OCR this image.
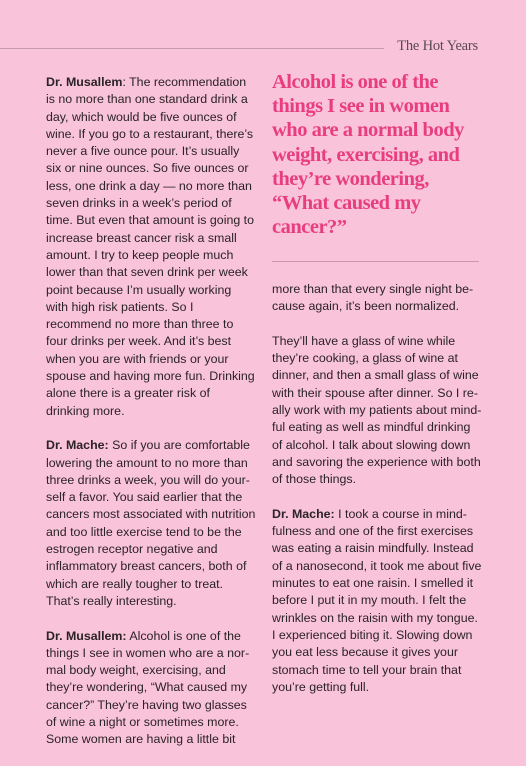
The Hot Years

Dr. Musallem: The recommendation is no more than one standard drink a day, which would be five ounces of wine. If you go to a restaurant, there’s never a five ounce pour. It’s usually six or nine ounces. So five ounces or less, one drink a day — no more than seven drinks in a week’s period of time. But even that amount is going to increase breast cancer risk a small amount. I try to keep people much lower than that seven drink per week point because I’m usually working with high risk patients. So I recommend no more than three to four drinks per week. And it’s best when you are with friends or your spouse and having more fun. Drinking alone there is a greater risk of drinking more.

Dr. Mache: So if you are comfortable lowering the amount to no more than three drinks a week, you will do yourself a favor. You said earlier that the cancers most associated with nutrition and too little exercise tend to be the estrogen receptor negative and inflammatory breast cancers, both of which are really tougher to treat. That’s really interesting.

Dr. Musallem: Alcohol is one of the things I see in women who are a normal body weight, exercising, and they’re wondering, “What caused my cancer?” They’re having two glasses of wine a night or sometimes more. Some women are having a little bit

Alcohol is one of the things I see in women who are a normal body weight, exercising, and they’re wondering, “What caused my cancer?”

more than that every single night because again, it’s been normalized.

They’ll have a glass of wine while they’re cooking, a glass of wine at dinner, and then a small glass of wine with their spouse after dinner. So I really work with my patients about mindful eating as well as mindful drinking of alcohol. I talk about slowing down and savoring the experience with both of those things.

Dr. Mache: I took a course in mindfulness and one of the first exercises was eating a raisin mindfully. Instead of a nanosecond, it took me about five minutes to eat one raisin. I smelled it before I put it in my mouth. I felt the wrinkles on the raisin with my tongue. I experienced biting it. Slowing down you eat less because it gives your stomach time to tell your brain that you’re getting full.
